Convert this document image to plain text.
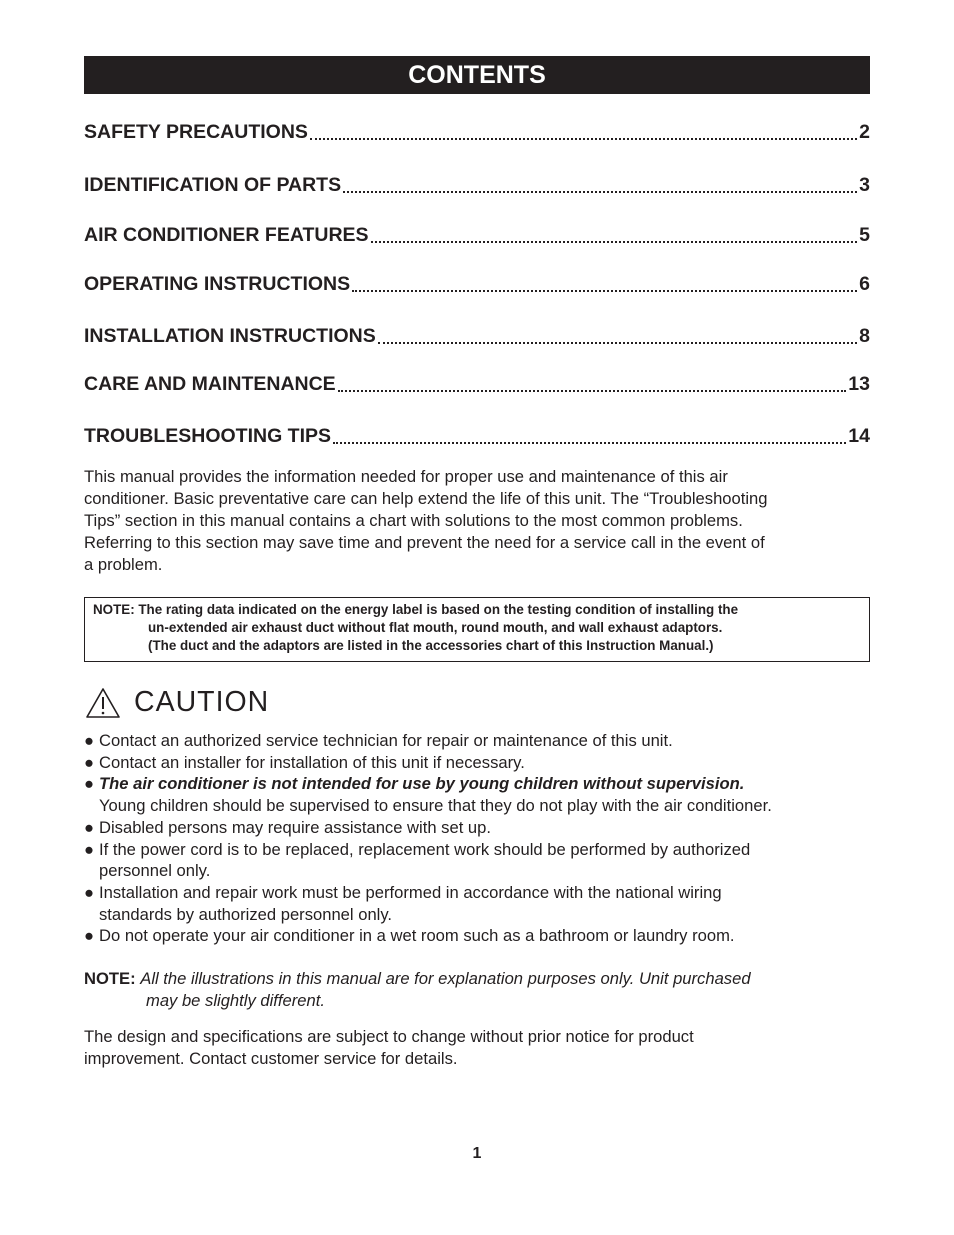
CONTENTS
SAFETY PRECAUTIONS	2
IDENTIFICATION OF PARTS	3
AIR CONDITIONER FEATURES	5
OPERATING INSTRUCTIONS	6
INSTALLATION INSTRUCTIONS	8
CARE AND MAINTENANCE	13
TROUBLESHOOTING TIPS	14
This manual provides the information needed for proper use and maintenance of this air
conditioner. Basic preventative care can help extend the life of this unit. The “Troubleshooting
Tips” section in this manual contains a chart with solutions to the most common problems.
Referring to this section may save time and prevent the need for a service call in the event of
a problem.
NOTE: The rating data indicated on the energy label is based on the testing condition of installing the
un-extended air exhaust duct without flat mouth, round mouth, and wall exhaust adaptors.
(The duct and the adaptors are listed in the accessories chart of this Instruction Manual.)
CAUTION
● Contact an authorized service technician for repair or maintenance of this unit.
● Contact an installer for installation of this unit if necessary.
● The air conditioner is not intended for use by young children without supervision.
Young children should be supervised to ensure that they do not play with the air conditioner.
● Disabled persons may require assistance with set up.
● If the power cord is to be replaced, replacement work should be performed by authorized
personnel only.
● Installation and repair work must be performed in accordance with the national wiring
standards by authorized personnel only.
● Do not operate your air conditioner in a wet room such as a bathroom or laundry room.
NOTE: All the illustrations in this manual are for explanation purposes only. Unit purchased
may be slightly different.
The design and specifications are subject to change without prior notice for product
improvement. Contact customer service for details.
1
